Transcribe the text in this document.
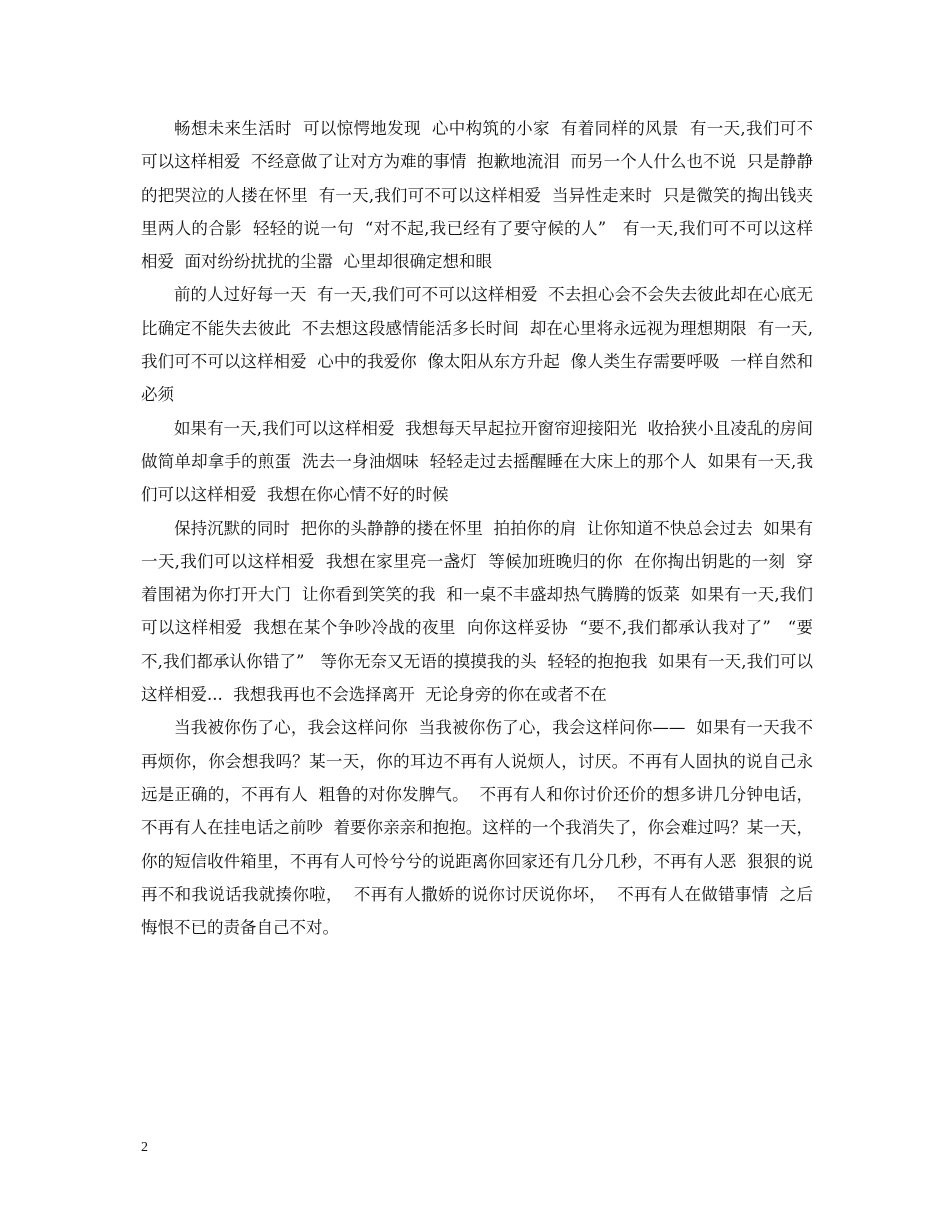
畅想未来生活时  可以惊愕地发现  心中构筑的小家  有着同样的风景  有一天,我们可不可以这样相爱  不经意做了让对方为难的事情  抱歉地流泪  而另一个人什么也不说  只是静静的把哭泣的人搂在怀里  有一天,我们可不可以这样相爱  当异性走来时  只是微笑的掏出钱夹里两人的合影  轻轻的说一句  “对不起,我已经有了要守候的人”   有一天,我们可不可以这样相爱  面对纷纷扰扰的尘嚣  心里却很确定想和眼

前的人过好每一天  有一天,我们可不可以这样相爱  不去担心会不会失去彼此却在心底无比确定不能失去彼此  不去想这段感情能活多长时间  却在心里将永远视为理想期限  有一天,我们可不可以这样相爱  心中的我爱你  像太阳从东方升起  像人类生存需要呼吸  一样自然和必须

如果有一天,我们可以这样相爱  我想每天早起拉开窗帘迎接阳光  收拾狭小且凌乱的房间  做简单却拿手的煎蛋  洗去一身油烟味  轻轻走过去摇醒睡在大床上的那个人  如果有一天,我们可以这样相爱  我想在你心情不好的时候

保持沉默的同时  把你的头静静的搂在怀里  拍拍你的肩  让你知道不快总会过去  如果有一天,我们可以这样相爱  我想在家里亮一盏灯  等候加班晚归的你  在你掏出钥匙的一刻  穿着围裙为你打开大门  让你看到笑笑的我  和一桌不丰盛却热气腾腾的饭菜  如果有一天,我们可以这样相爱  我想在某个争吵冷战的夜里  向你这样妥协  “要不,我们都承认我对了”   “要不,我们都承认你错了”   等你无奈又无语的摸摸我的头  轻轻的抱抱我  如果有一天,我们可以这样相爱...  我想我再也不会选择离开  无论身旁的你在或者不在

当我被你伤了心，我会这样问你  当我被你伤了心，我会这样问你——  如果有一天我不再烦你，你会想我吗？某一天，你的耳边不再有人说烦人，讨厌。不再有人固执的说自己永远是正确的，不再有人  粗鲁的对你发脾气。  不再有人和你讨价还价的想多讲几分钟电话，  不再有人在挂电话之前吵  着要你亲亲和抱抱。这样的一个我消失了，你会难过吗？某一天，你的短信收件箱里，不再有人可怜兮兮的说距离你回家还有几分几秒，不再有人恶  狠狠的说再不和我说话我就揍你啦，  不再有人撒娇的说你讨厌说你坏，  不再有人在做错事情  之后悔恨不已的责备自己不对。

2
